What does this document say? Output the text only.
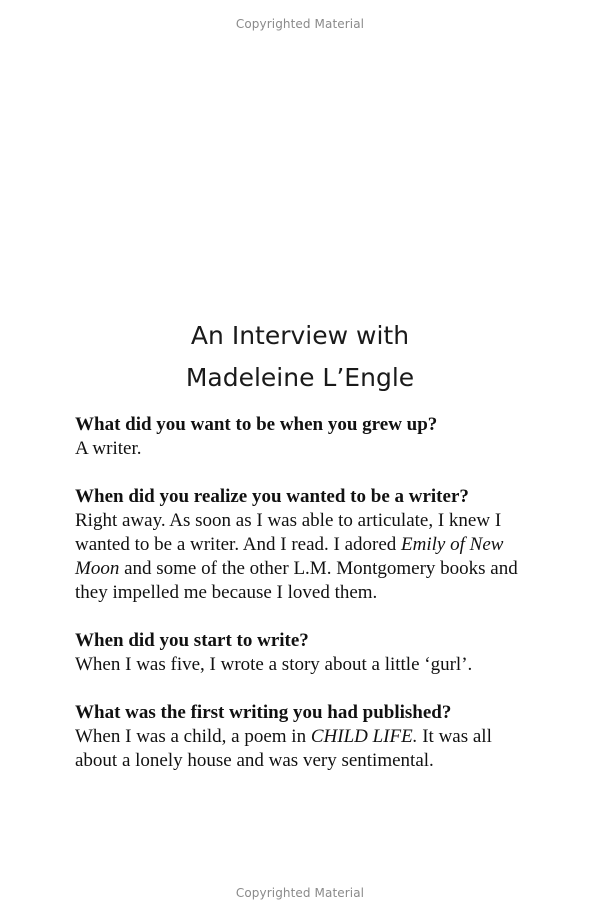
Copyrighted Material
An Interview with
Madeleine L’Engle
What did you want to be when you grew up?
A writer.
When did you realize you wanted to be a writer?
Right away. As soon as I was able to articulate, I knew I wanted to be a writer. And I read. I adored Emily of New Moon and some of the other L.M. Montgomery books and they impelled me because I loved them.
When did you start to write?
When I was five, I wrote a story about a little ‘gurl’.
What was the first writing you had published?
When I was a child, a poem in CHILD LIFE. It was all about a lonely house and was very sentimental.
Copyrighted Material
